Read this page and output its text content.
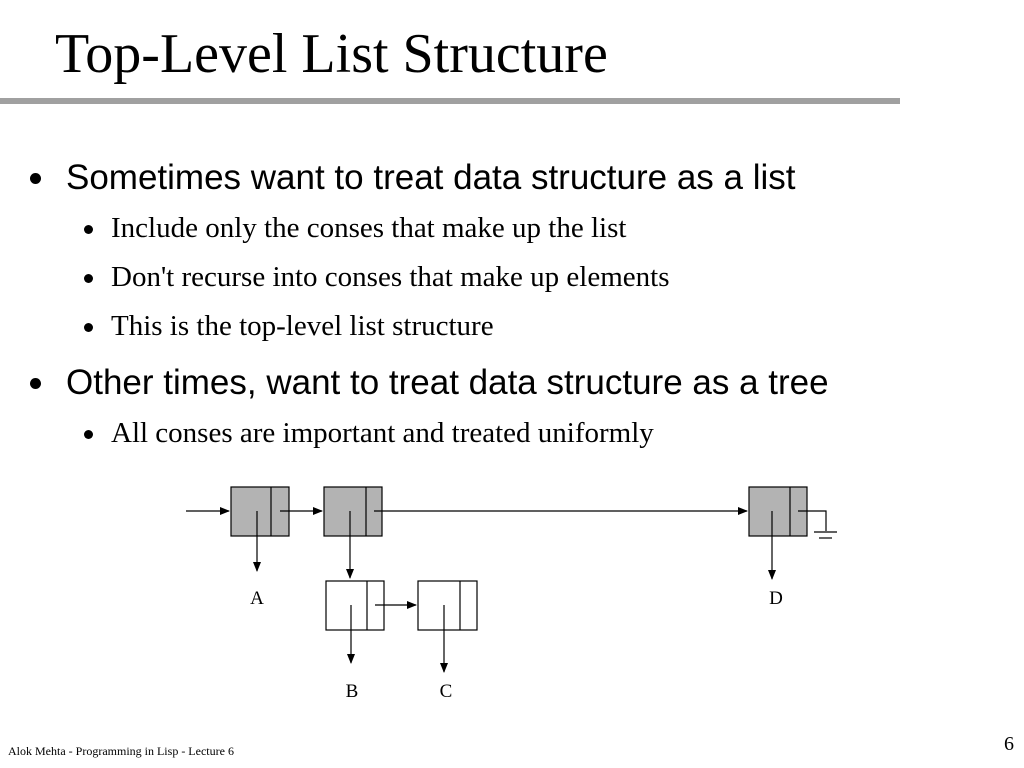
Top-Level List Structure
Sometimes want to treat data structure as a list
Include only the conses that make up the list
Don't recurse into conses that make up elements
This is the top-level list structure
Other times, want to treat data structure as a tree
All conses are important and treated uniformly
A	D
B	C
Alok Mehta - Programming in Lisp - Lecture 6	6
